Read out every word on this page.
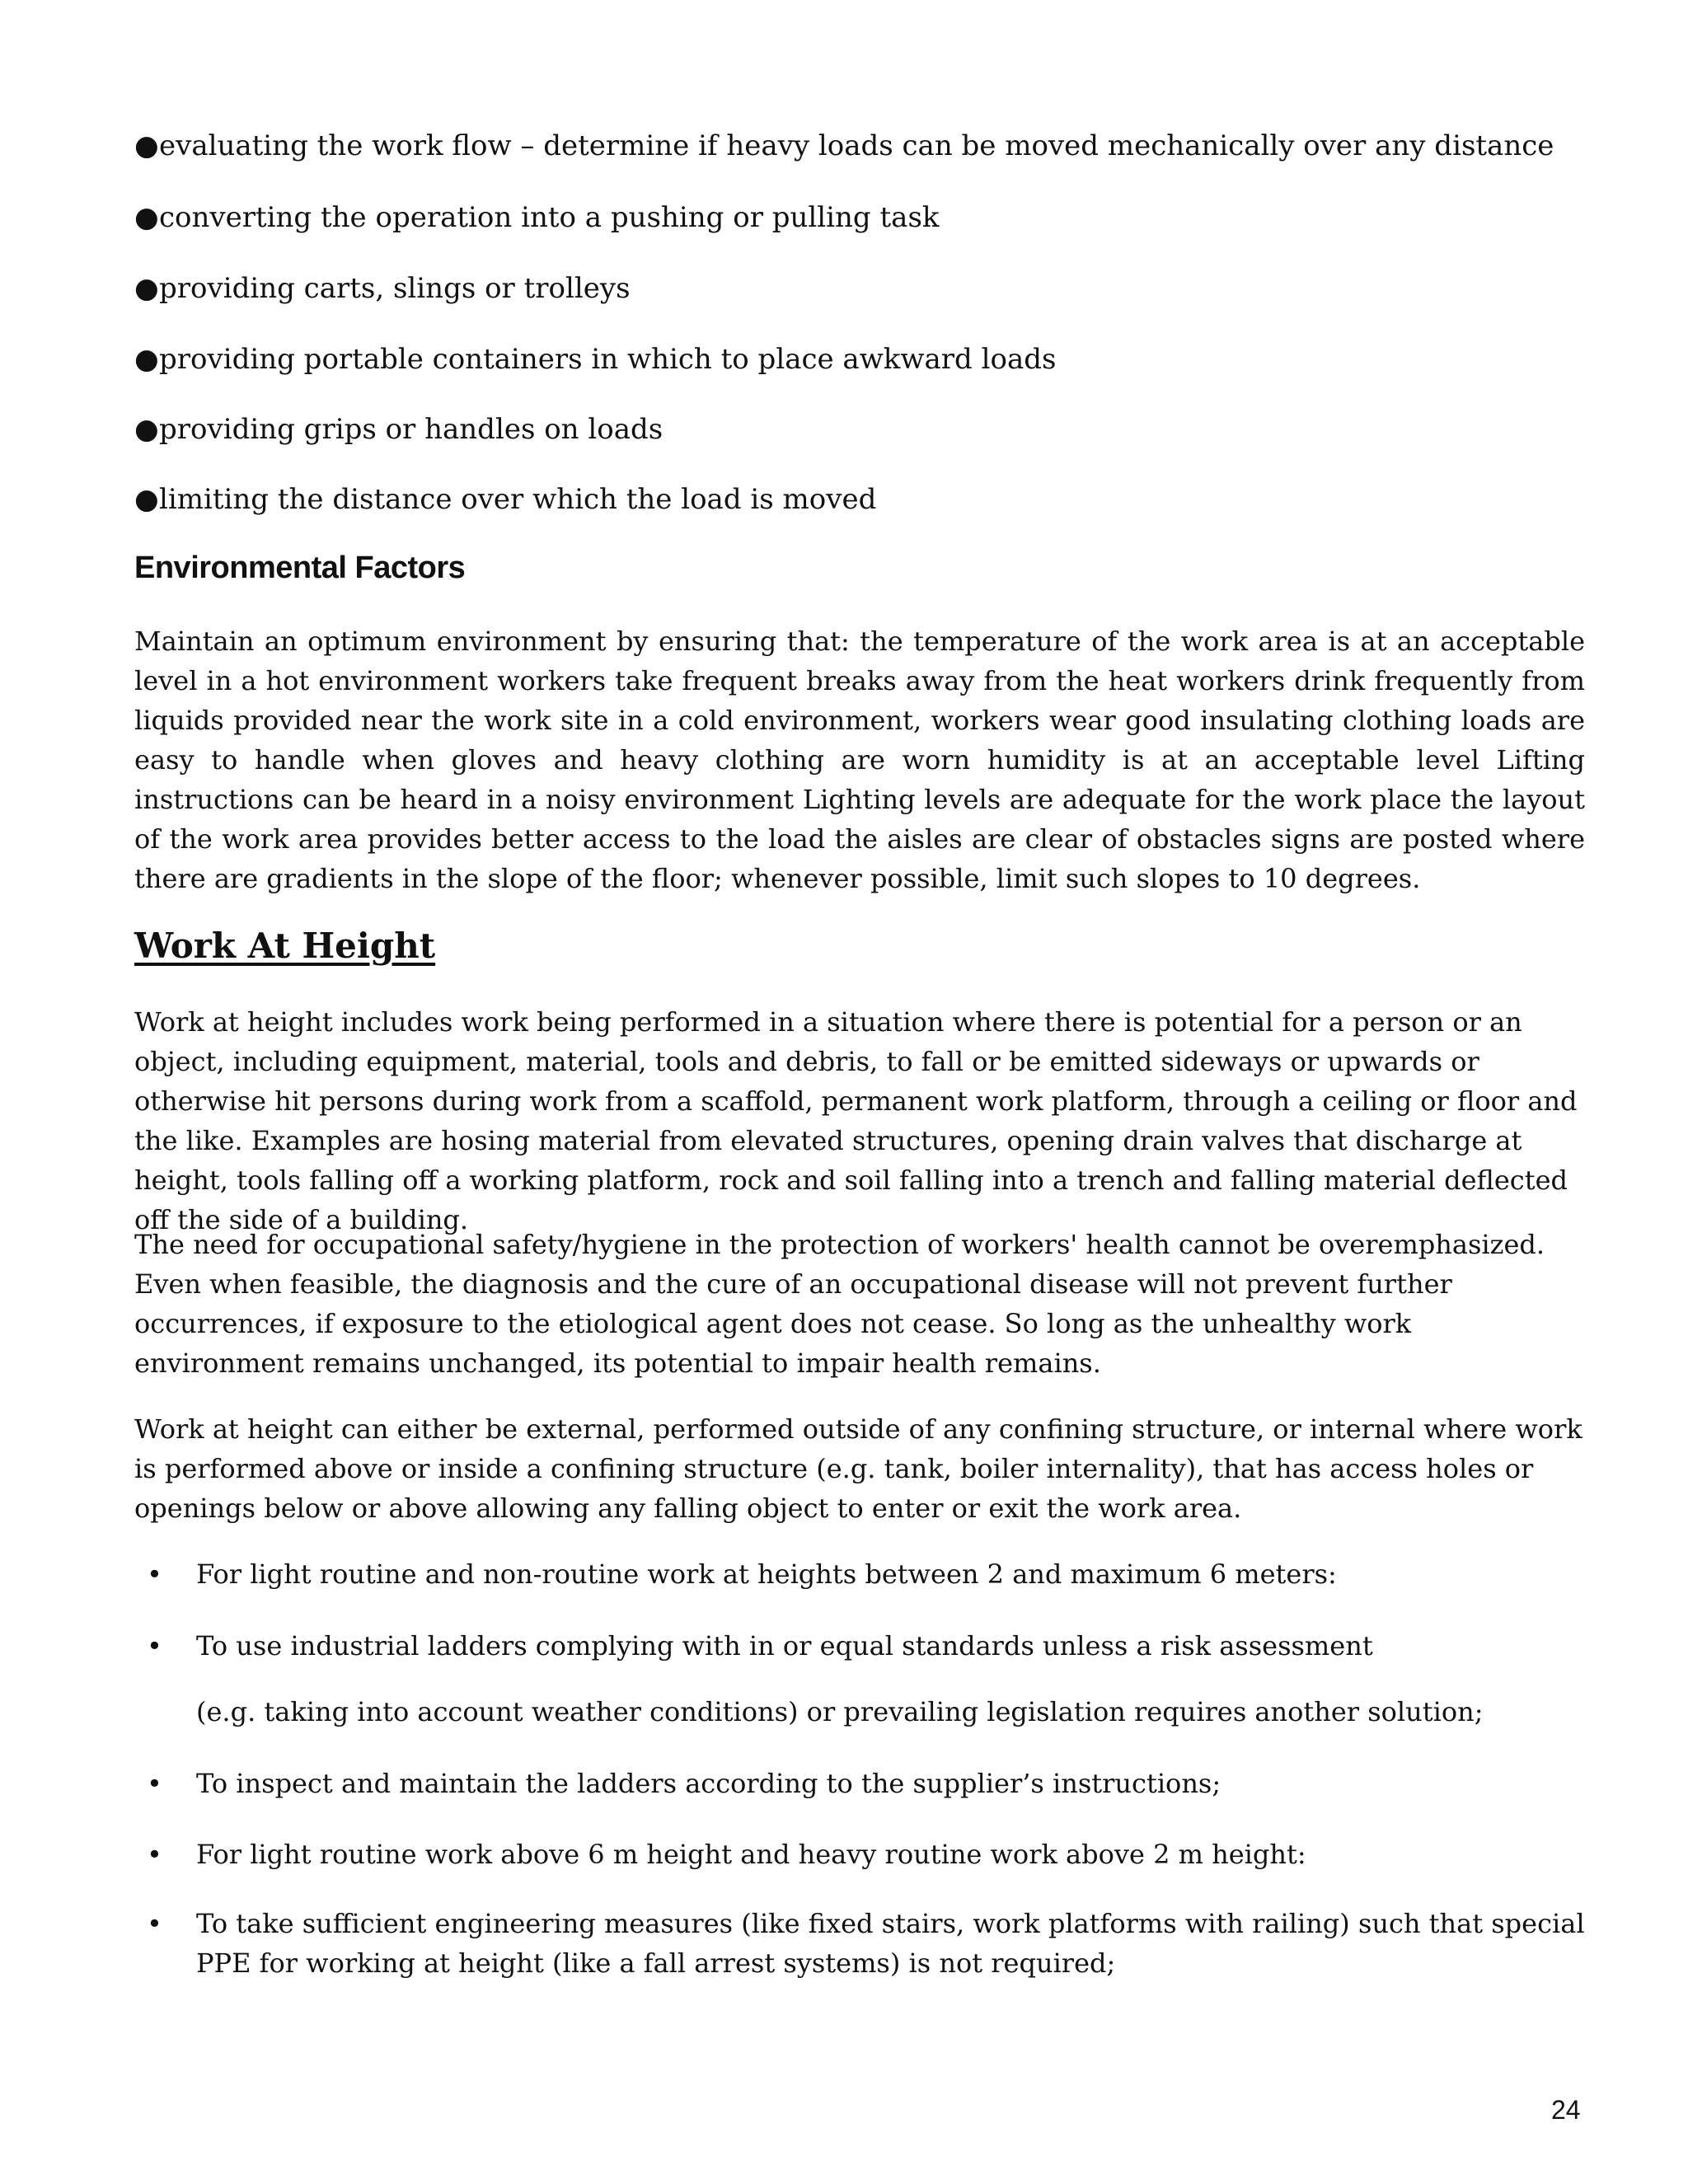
●evaluating the work flow – determine if heavy loads can be moved mechanically over any distance
●converting the operation into a pushing or pulling task
●providing carts, slings or trolleys
●providing portable containers in which to place awkward loads
●providing grips or handles on loads
●limiting the distance over which the load is moved
Environmental Factors
Maintain an optimum environment by ensuring that: the temperature of the work area is at an acceptable level in a hot environment workers take frequent breaks away from the heat workers drink frequently from liquids provided near the work site in a cold environment, workers wear good insulating clothing loads are easy to handle when gloves and heavy clothing are worn humidity is at an acceptable level Lifting instructions can be heard in a noisy environment Lighting levels are adequate for the work place the layout of the work area provides better access to the load the aisles are clear of obstacles signs are posted where there are gradients in the slope of the floor; whenever possible, limit such slopes to 10 degrees.
Work At Height
Work at height includes work being performed in a situation where there is potential for a person or an object, including equipment, material, tools and debris, to fall or be emitted sideways or upwards or otherwise hit persons during work from a scaffold, permanent work platform, through a ceiling or floor and the like. Examples are hosing material from elevated structures, opening drain valves that discharge at height, tools falling off a working platform, rock and soil falling into a trench and falling material deflected off the side of a building.
The need for occupational safety/hygiene in the protection of workers' health cannot be overemphasized. Even when feasible, the diagnosis and the cure of an occupational disease will not prevent further occurrences, if exposure to the etiological agent does not cease. So long as the unhealthy work environment remains unchanged, its potential to impair health remains.
Work at height can either be external, performed outside of any confining structure, or internal where work is performed above or inside a confining structure (e.g. tank, boiler internality), that has access holes or openings below or above allowing any falling object to enter or exit the work area.
• For light routine and non-routine work at heights between 2 and maximum 6 meters:
• To use industrial ladders complying with in or equal standards unless a risk assessment
(e.g. taking into account weather conditions) or prevailing legislation requires another solution;
• To inspect and maintain the ladders according to the supplier’s instructions;
• For light routine work above 6 m height and heavy routine work above 2 m height:
• To take sufficient engineering measures (like fixed stairs, work platforms with railing) such that special PPE for working at height (like a fall arrest systems) is not required;
24
